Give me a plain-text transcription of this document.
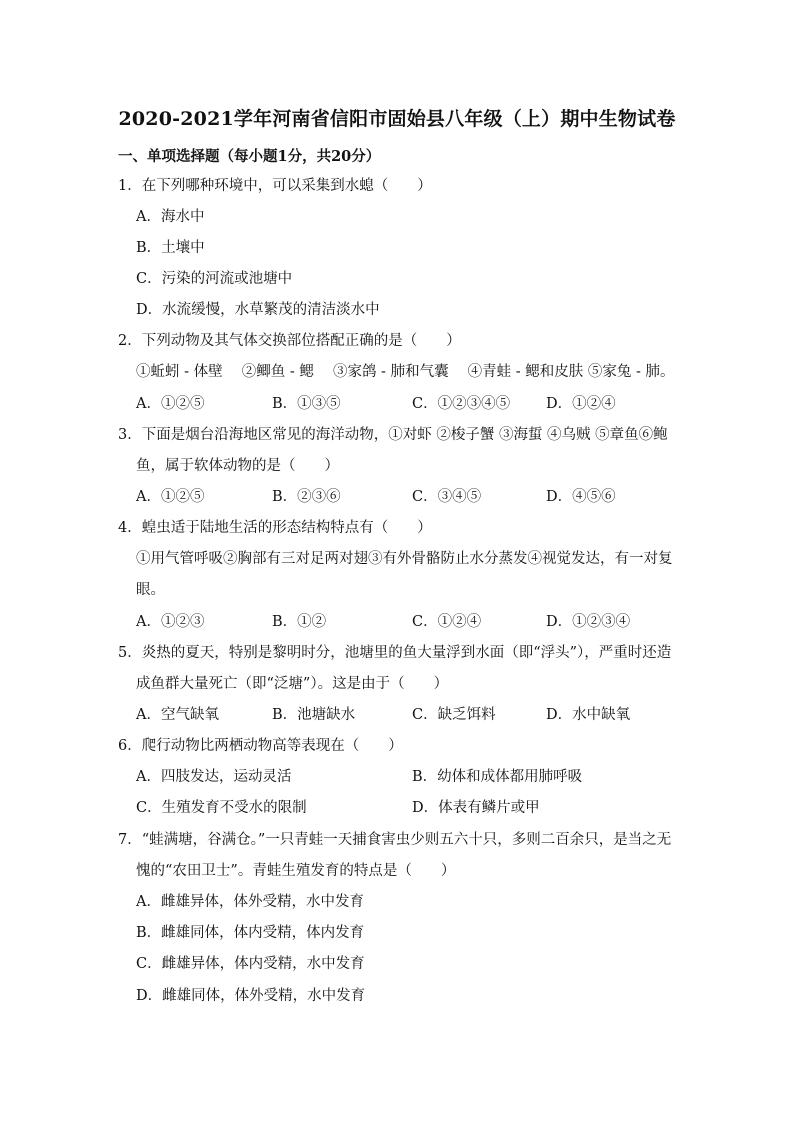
2020-2021学年河南省信阳市固始县八年级（上）期中生物试卷
一、单项选择题（每小题1分，共20分）
1．在下列哪种环境中，可以采集到水螅（　　）
A．海水中
B．土壤中
C．污染的河流或池塘中
D．水流缓慢，水草繁茂的清洁淡水中
2．下列动物及其气体交换部位搭配正确的是（　　）
①蚯蚓 - 体壁　 ②鲫鱼 - 鳃　 ③家鸽 - 肺和气囊　 ④青蛙 - 鳃和皮肤 ⑤家兔 - 肺。
A．①②⑤	B．①③⑤	C．①②③④⑤ D．①②④
3．下面是烟台沿海地区常见的海洋动物，①对虾 ②梭子蟹 ③海蜇 ④乌贼 ⑤章鱼⑥鲍
鱼，属于软体动物的是（　　）
A．①②⑤	B．②③⑥	C．③④⑤	D．④⑤⑥
4．蝗虫适于陆地生活的形态结构特点有（　　）
①用气管呼吸②胸部有三对足两对翅③有外骨骼防止水分蒸发④视觉发达，有一对复
眼。
A．①②③	B．①②	C．①②④	D．①②③④
5．炎热的夏天，特别是黎明时分，池塘里的鱼大量浮到水面（即“浮头”），严重时还造
成鱼群大量死亡（即“泛塘”）。这是由于（　　）
A．空气缺氧	B．池塘缺水	C．缺乏饵料	D．水中缺氧
6．爬行动物比两栖动物高等表现在（　　）
A．四肢发达，运动灵活	B．幼体和成体都用肺呼吸
C．生殖发育不受水的限制	D．体表有鳞片或甲
7．“蛙满塘，谷满仓。”一只青蛙一天捕食害虫少则五六十只，多则二百余只，是当之无
愧的“农田卫士”。青蛙生殖发育的特点是（　　）
A．雌雄异体，体外受精，水中发育
B．雌雄同体，体内受精，体内发育
C．雌雄异体，体内受精，水中发育
D．雌雄同体，体外受精，水中发育
